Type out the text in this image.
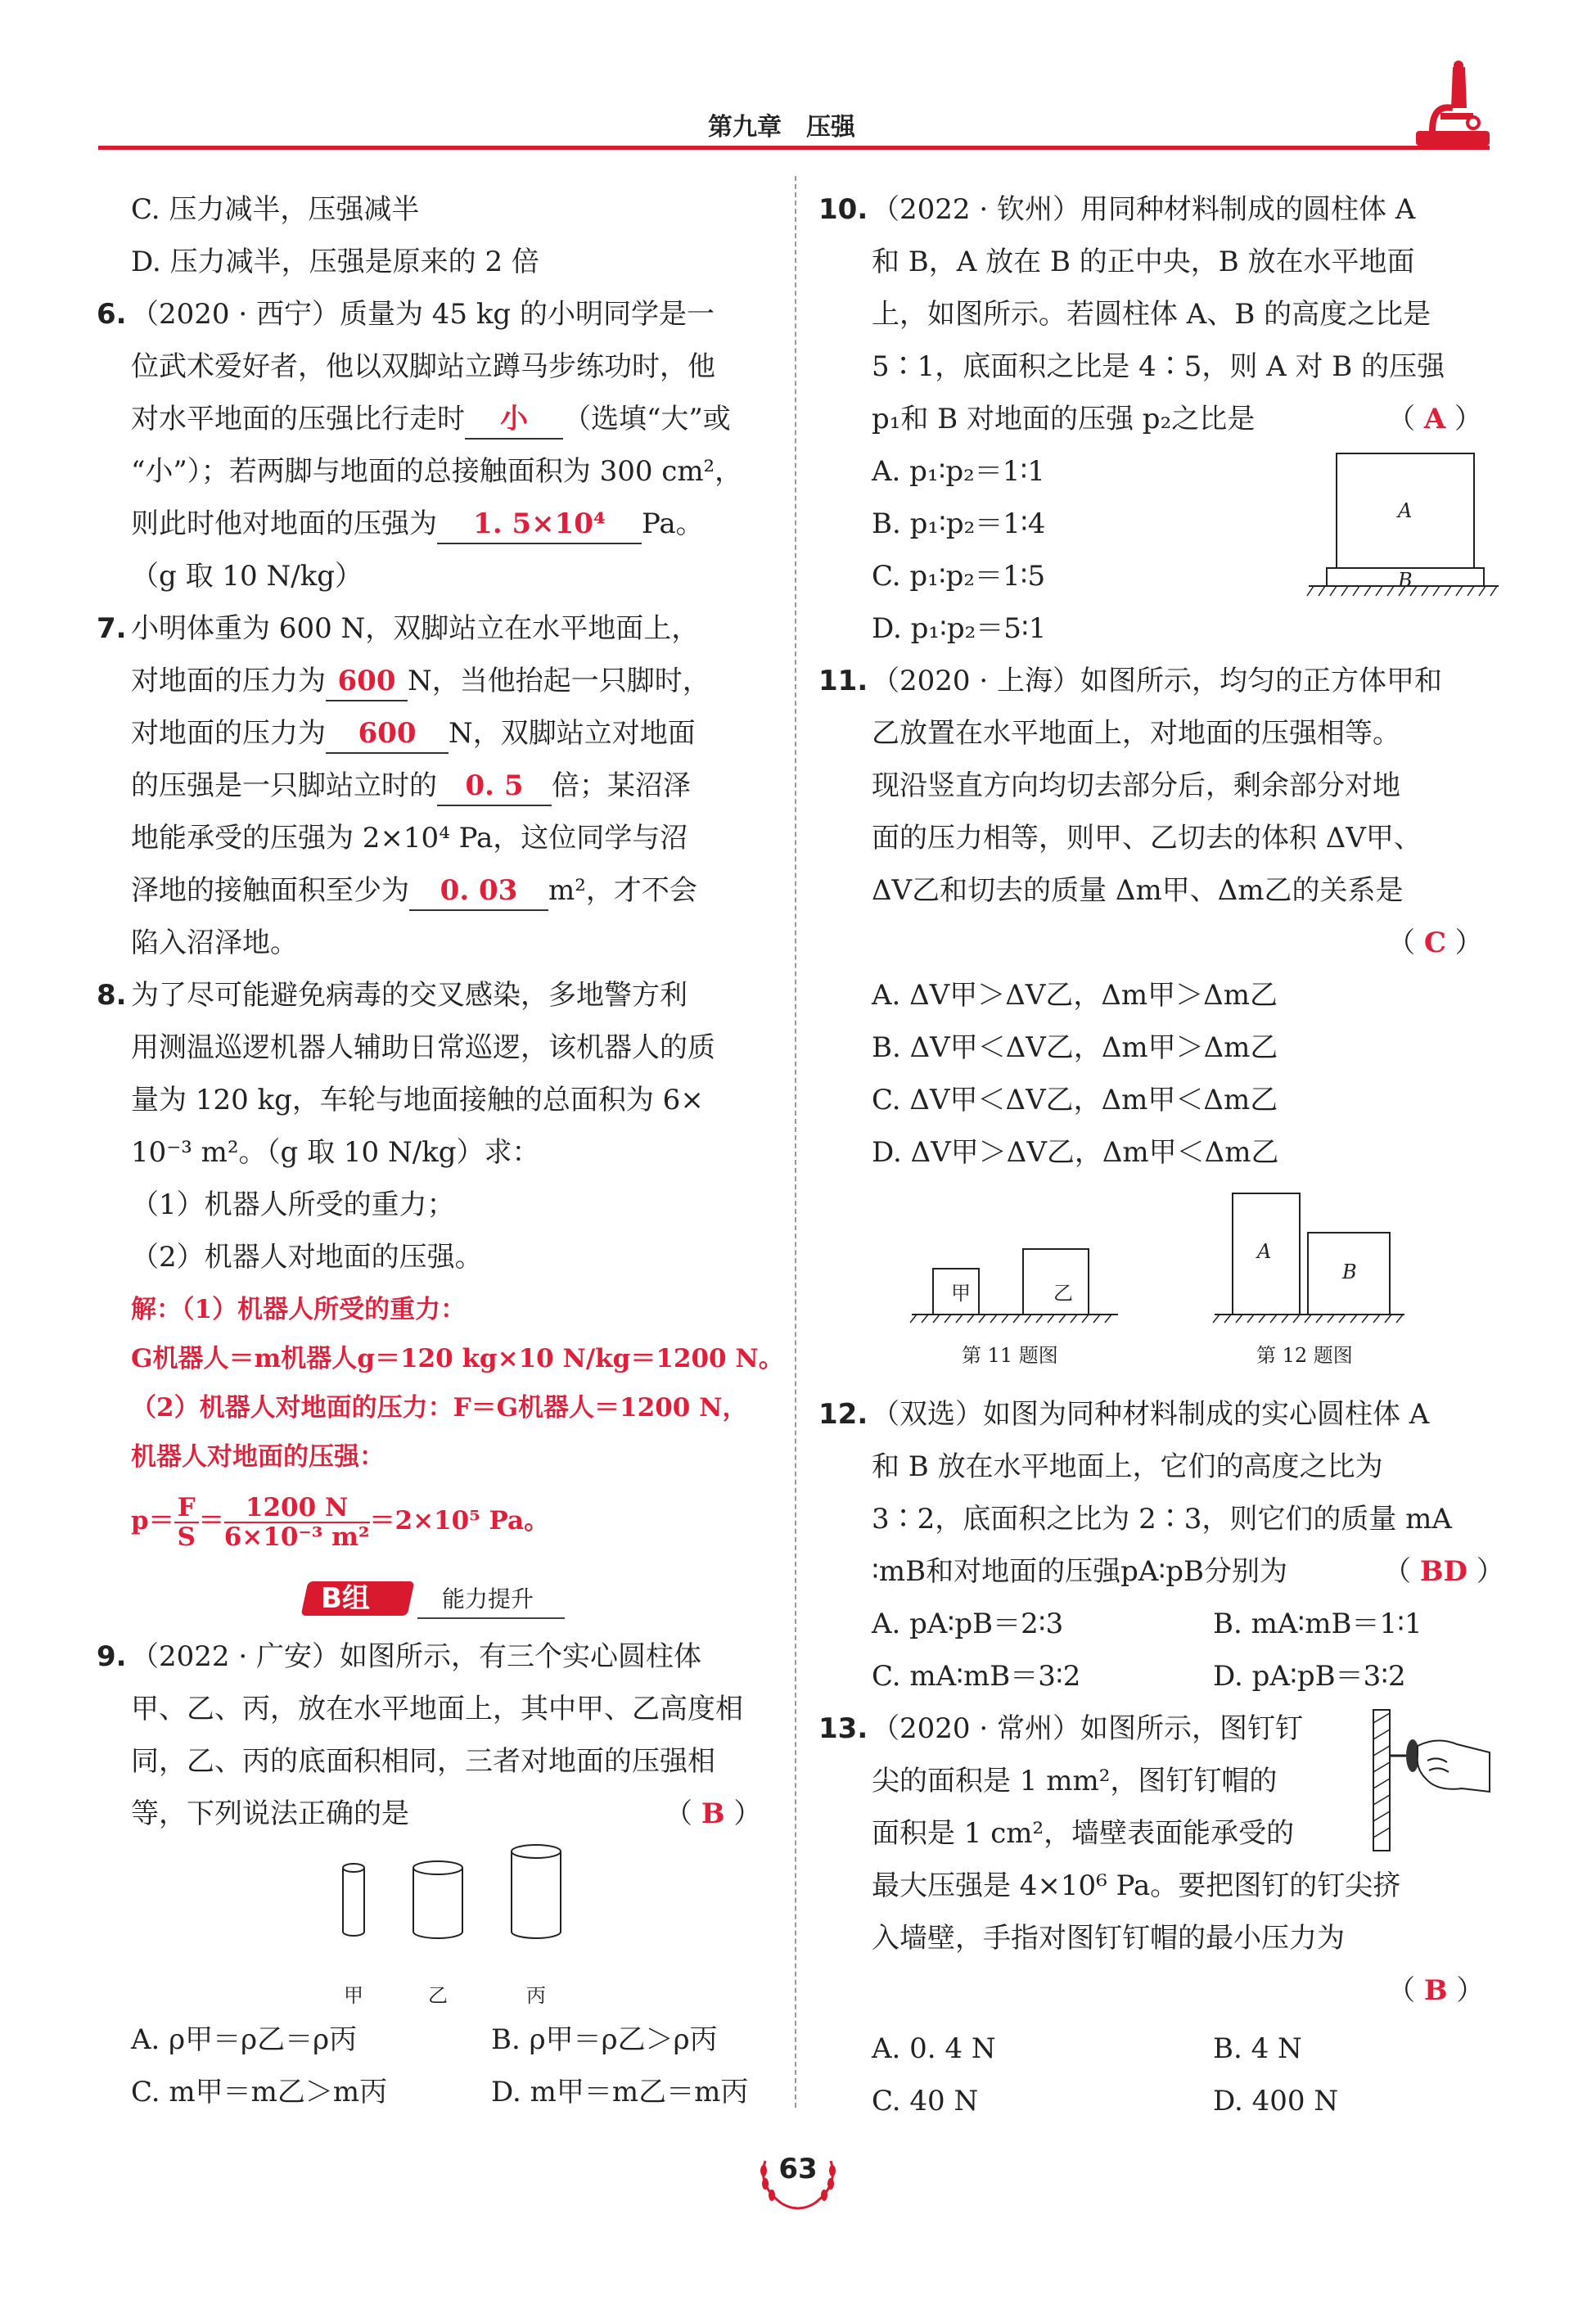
第九章　压强
C. 压力减半，压强减半
D. 压力减半，压强是原来的 2 倍
6. （2020 · 西宁）质量为 45 kg 的小明同学是一
位武术爱好者，他以双脚站立蹲马步练功时，他
对水平地面的压强比行走时 小 （选填“大”或
“小”）；若两脚与地面的总接触面积为 300 cm²，
则此时他对地面的压强为 1. 5×10⁴ Pa。
（g 取 10 N/kg）
7. 小明体重为 600 N，双脚站立在水平地面上，
对地面的压力为 600 N，当他抬起一只脚时，
对地面的压力为 600 N，双脚站立对地面
的压强是一只脚站立时的 0. 5 倍；某沼泽
地能承受的压强为 2×10⁴ Pa，这位同学与沼
泽地的接触面积至少为 0. 03 m²，才不会
陷入沼泽地。
8. 为了尽可能避免病毒的交叉感染，多地警方利
用测温巡逻机器人辅助日常巡逻，该机器人的质
量为 120 kg，车轮与地面接触的总面积为 6×
10⁻³ m²。（g 取 10 N/kg）求：
（1）机器人所受的重力；
（2）机器人对地面的压强。
解：（1）机器人所受的重力：
G机器人＝m机器人g＝120 kg×10 N/kg＝1200 N。
（2）机器人对地面的压力：F＝G机器人＝1200 N，
机器人对地面的压强：
$p= \frac{F}{S} = \frac{1200 N}{\text{6×10⁻³ m²}} =2\times 10^5$ Pa。
B组	能力提升
9. （2022 · 广安）如图所示，有三个实心圆柱体
甲、乙、丙，放在水平地面上，其中甲、乙高度相
同，乙、丙的底面积相同，三者对地面的压强相
等，下列说法正确的是	（ B ）
甲	乙	丙
A. ρ甲＝ρ乙＝ρ丙	B. ρ甲＝ρ乙＞ρ丙
C. m甲＝m乙＞m丙	D. m甲＝m乙＝m丙
10. （2022 · 钦州）用同种材料制成的圆柱体 A
和 B，A 放在 B 的正中央，B 放在水平地面
上，如图所示。若圆柱体 A、B 的高度之比是
5∶1，底面积之比是 4∶5，则 A 对 B 的压强
p₁和 B 对地面的压强 p₂之比是	（ A ）
A. p₁∶p₂＝1∶1
B. p₁∶p₂＝1∶4
C. p₁∶p₂＝1∶5
D. p₁∶p₂＝5∶1
A
B
11. （2020 · 上海）如图所示，均匀的正方体甲和
乙放置在水平地面上，对地面的压强相等。
现沿竖直方向均切去部分后，剩余部分对地
面的压力相等，则甲、乙切去的体积 ΔV甲、
ΔV乙和切去的质量 Δm甲、Δm乙的关系是
（ C ）
A. ΔV甲＞ΔV乙，Δm甲＞Δm乙
B. ΔV甲＜ΔV乙，Δm甲＞Δm乙
C. ΔV甲＜ΔV乙，Δm甲＜Δm乙
D. ΔV甲＞ΔV乙，Δm甲＜Δm乙
甲	乙
第 11 题图
A
B
第 12 题图
12. （双选）如图为同种材料制成的实心圆柱体 A
和 B 放在水平地面上，它们的高度之比为
3∶2，底面积之比为 2∶3，则它们的质量 mA
∶mB和对地面的压强pA∶pB分别为	（ BD ）
A. pA∶pB＝2∶3	B. mA∶mB＝1∶1
C. mA∶mB＝3∶2	D. pA∶pB＝3∶2
13. （2020 · 常州）如图所示，图钉钉
尖的面积是 1 mm²，图钉钉帽的
面积是 1 cm²，墙壁表面能承受的
最大压强是 4×10⁶ Pa。要把图钉的钉尖挤
入墙壁，手指对图钉钉帽的最小压力为
（ B ）
A. 0. 4 N	B. 4 N
C. 40 N	D. 400 N
63
